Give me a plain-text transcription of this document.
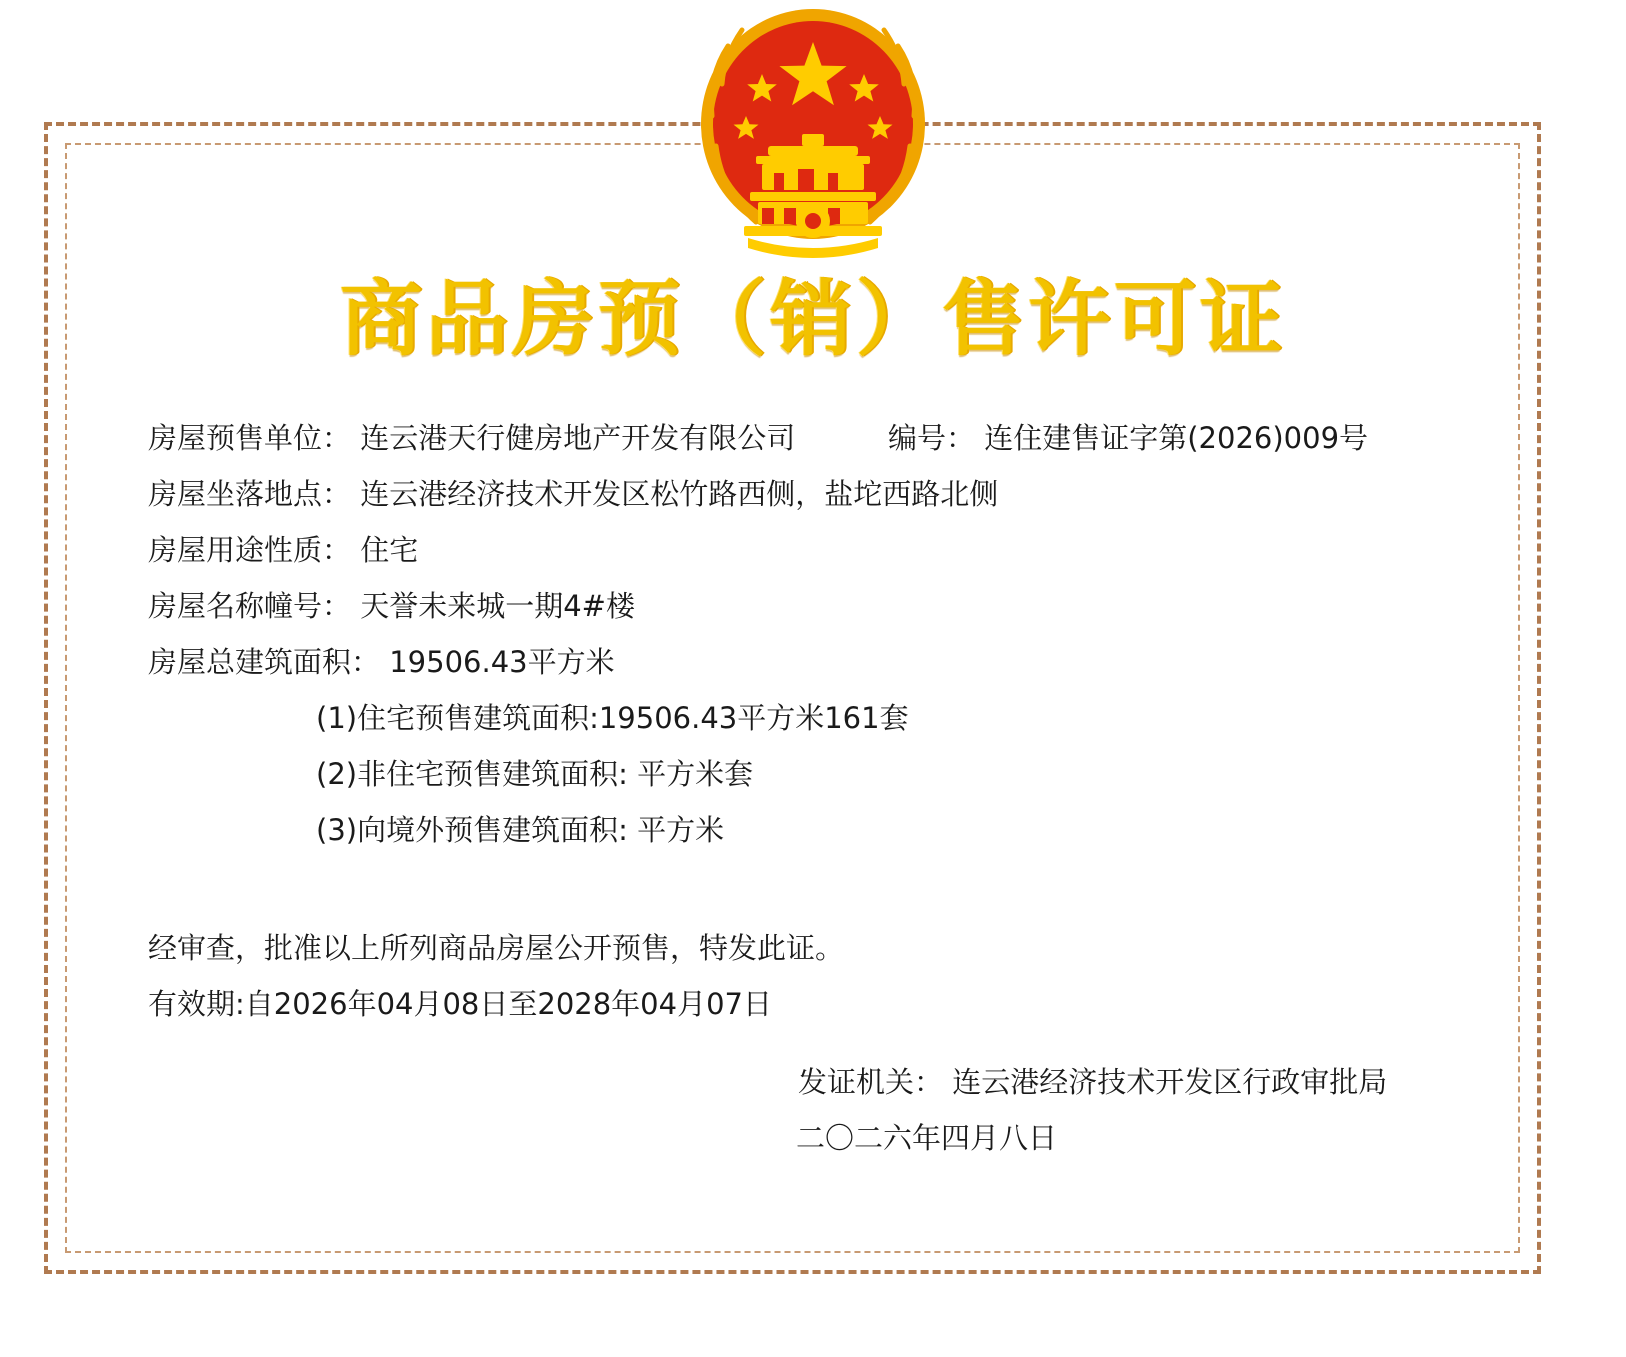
商品房预（销）售许可证
房屋预售单位： 连云港天行健房地产开发有限公司	编号： 连住建售证字第(2026)009号
房屋坐落地点： 连云港经济技术开发区松竹路西侧，盐坨西路北侧
房屋用途性质： 住宅
房屋名称幢号： 天誉未来城一期4#楼
房屋总建筑面积： 19506.43平方米
(1)住宅预售建筑面积:19506.43平方米161套
(2)非住宅预售建筑面积: 平方米套
(3)向境外预售建筑面积: 平方米
经审查，批准以上所列商品房屋公开预售，特发此证。
有效期:自2026年04月08日至2028年04月07日
发证机关： 连云港经济技术开发区行政审批局
二〇二六年四月八日
